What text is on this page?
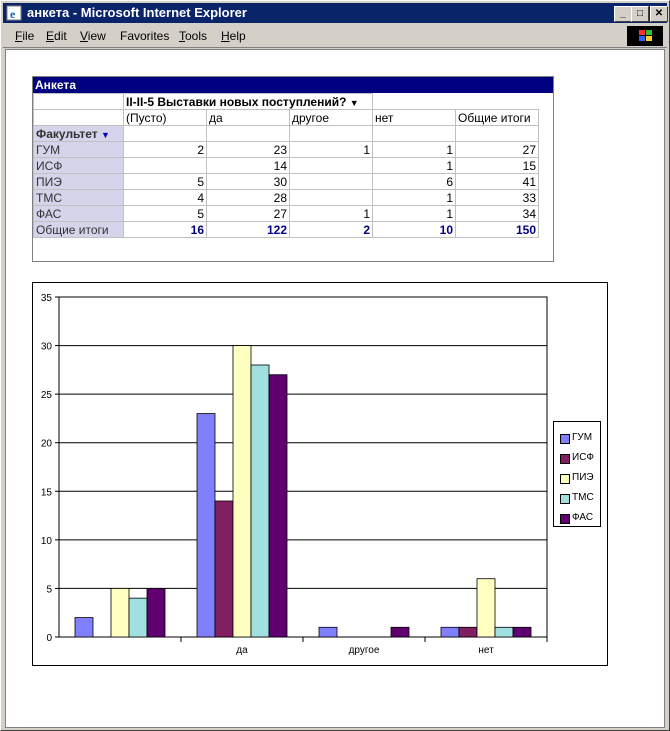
e анкета - Microsoft Internet Explorer	_	□	✕
File Edit View Favorites Tools Help
Анкета
	II-II-5 Выставки новых поступлений? ▼				
	(Пусто)	да	другое	нет	Общие итоги
Факультет ▼					
ГУМ	2	23	1	1	27
ИСФ		14		1	15
ПИЭ	5	30		6	41
ТМС	4	28		1	33
ФАС	5	27	1	1	34
Общие итоги	16	122	2	10	150
0
5
10
15
20
25
30
35
да	другое	нет
ГУМ
ИСФ
ПИЭ
ТМС
ФАС
